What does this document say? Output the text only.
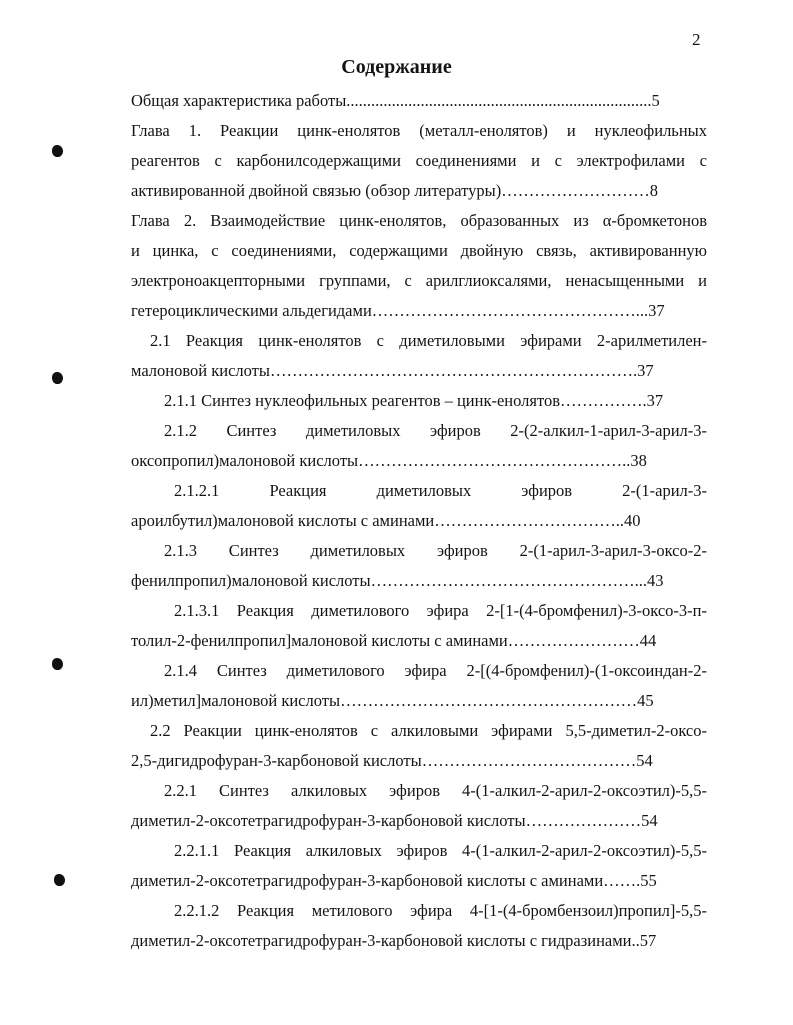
2
Содержание
Общая характеристика работы..........................................................................5
Глава 1. Реакции цинк-енолятов (металл-енолятов) и нуклеофильных
реагентов с карбонилсодержащими соединениями и с электрофилами с
активированной двойной связью (обзор литературы)………………………8
Глава 2. Взаимодействие цинк-енолятов, образованных из α-бромкетонов
и цинка, с соединениями, содержащими двойную связь, активированную
электроноакцепторными группами, с арилглиоксалями, ненасыщенными и
гетероциклическими альдегидами…………………………………………...37
2.1 Реакция цинк-енолятов с диметиловыми эфирами 2-арилметилен-
малоновой кислоты………………………………………………………….37
2.1.1 Синтез нуклеофильных реагентов – цинк-енолятов…………….37
2.1.2 Синтез диметиловых эфиров 2-(2-алкил-1-арил-3-арил-3-
оксопропил)малоновой кислоты…………………………………………..38
2.1.2.1 Реакция диметиловых эфиров 2-(1-арил-3-
ароилбутил)малоновой кислоты с аминами……………………………..40
2.1.3 Синтез диметиловых эфиров 2-(1-арил-3-арил-3-оксо-2-
фенилпропил)малоновой кислоты…………………………………………...43
2.1.3.1 Реакция диметилового эфира 2-[1-(4-бромфенил)-3-оксо-3-п-
толил-2-фенилпропил]малоновой кислоты с аминами……………………44
2.1.4 Синтез диметилового эфира 2-[(4-бромфенил)-(1-оксоиндан-2-
ил)метил]малоновой кислоты………………………………………………45
2.2 Реакции цинк-енолятов с алкиловыми эфирами 5,5-диметил-2-оксо-
2,5-дигидрофуран-3-карбоновой кислоты…………………………………54
2.2.1 Синтез алкиловых эфиров 4-(1-алкил-2-арил-2-оксоэтил)-5,5-
диметил-2-оксотетрагидрофуран-3-карбоновой кислоты…………………54
2.2.1.1 Реакция алкиловых эфиров 4-(1-алкил-2-арил-2-оксоэтил)-5,5-
диметил-2-оксотетрагидрофуран-3-карбоновой кислоты с аминами…….55
2.2.1.2 Реакция метилового эфира 4-[1-(4-бромбензоил)пропил]-5,5-
диметил-2-оксотетрагидрофуран-3-карбоновой кислоты с гидразинами..57
